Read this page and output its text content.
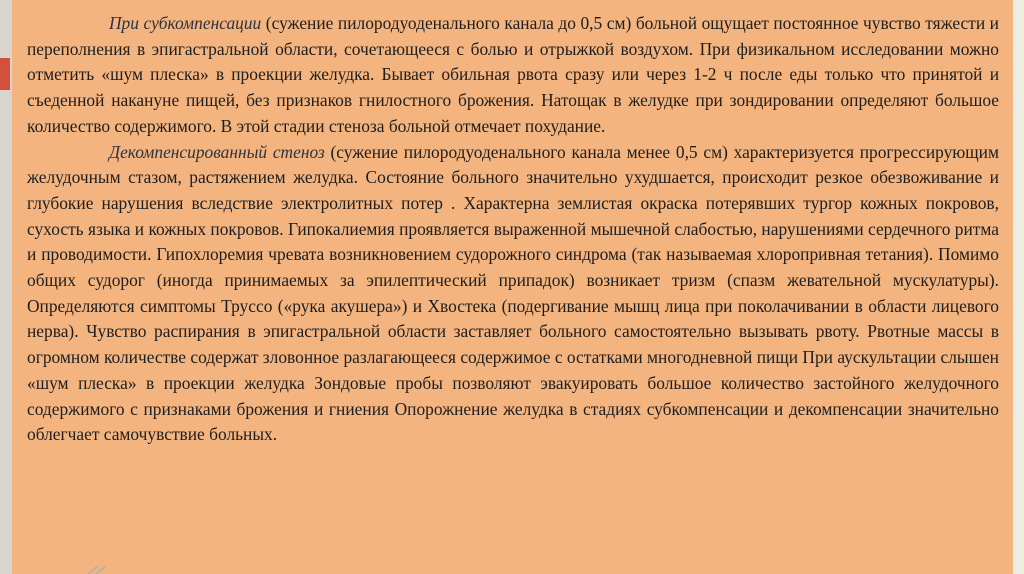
При субкомпенсации (сужение пилородуоденального канала до 0,5 см) больной ощущает постоянное чувство тяжести и переполнения в эпигастральной области, сочетающееся с болью и отрыжкой воздухом. При физикальном исследовании можно отметить «шум плеска» в проекции желудка. Бывает обильная рвота сразу или через 1-2 ч после еды только что принятой и съеденной накануне пищей, без признаков гнилостного брожения. Натощак в желудке при зондировании определяют большое количество содержимого. В этой стадии стеноза больной отмечает похудание.

Декомпенсированный стеноз (сужение пилородуоденального канала менее 0,5 см) характеризуется прогрессирующим желудочным стазом, растяжением желудка. Состояние больного значительно ухудшается, происходит резкое обезвоживание и глубокие нарушения вследствие электролитных потер . Характерна землистая окраска потерявших тургор кожных покровов, сухость языка и кожных покровов. Гипокалиемия проявляется выраженной мышечной слабостью, нарушениями сердечного ритма и проводимости. Гипохлоремия чревата возникновением судорожного синдрома (так называемая хлоропривная тетания). Помимо общих судорог (иногда принимаемых за эпилептический припадок) возникает тризм (спазм жевательной мускулатуры). Определяются симптомы Труссо («рука акушера») и Хвостека (подергивание мышц лица при поколачивании в области лицевого нерва). Чувство распирания в эпигастральной области заставляет больного самостоятельно вызывать рвоту. Рвотные массы в огромном количестве содержат зловонное разлагающееся содержимое с остатками многодневной пищи При аускультации слышен «шум плеска» в проекции желудка Зондовые пробы позволяют эвакуировать большое количество застойного желудочного содержимого с признаками брожения и гниения Опорожнение желудка в стадиях субкомпенсации и декомпенсации значительно облегчает самочувствие больных.
